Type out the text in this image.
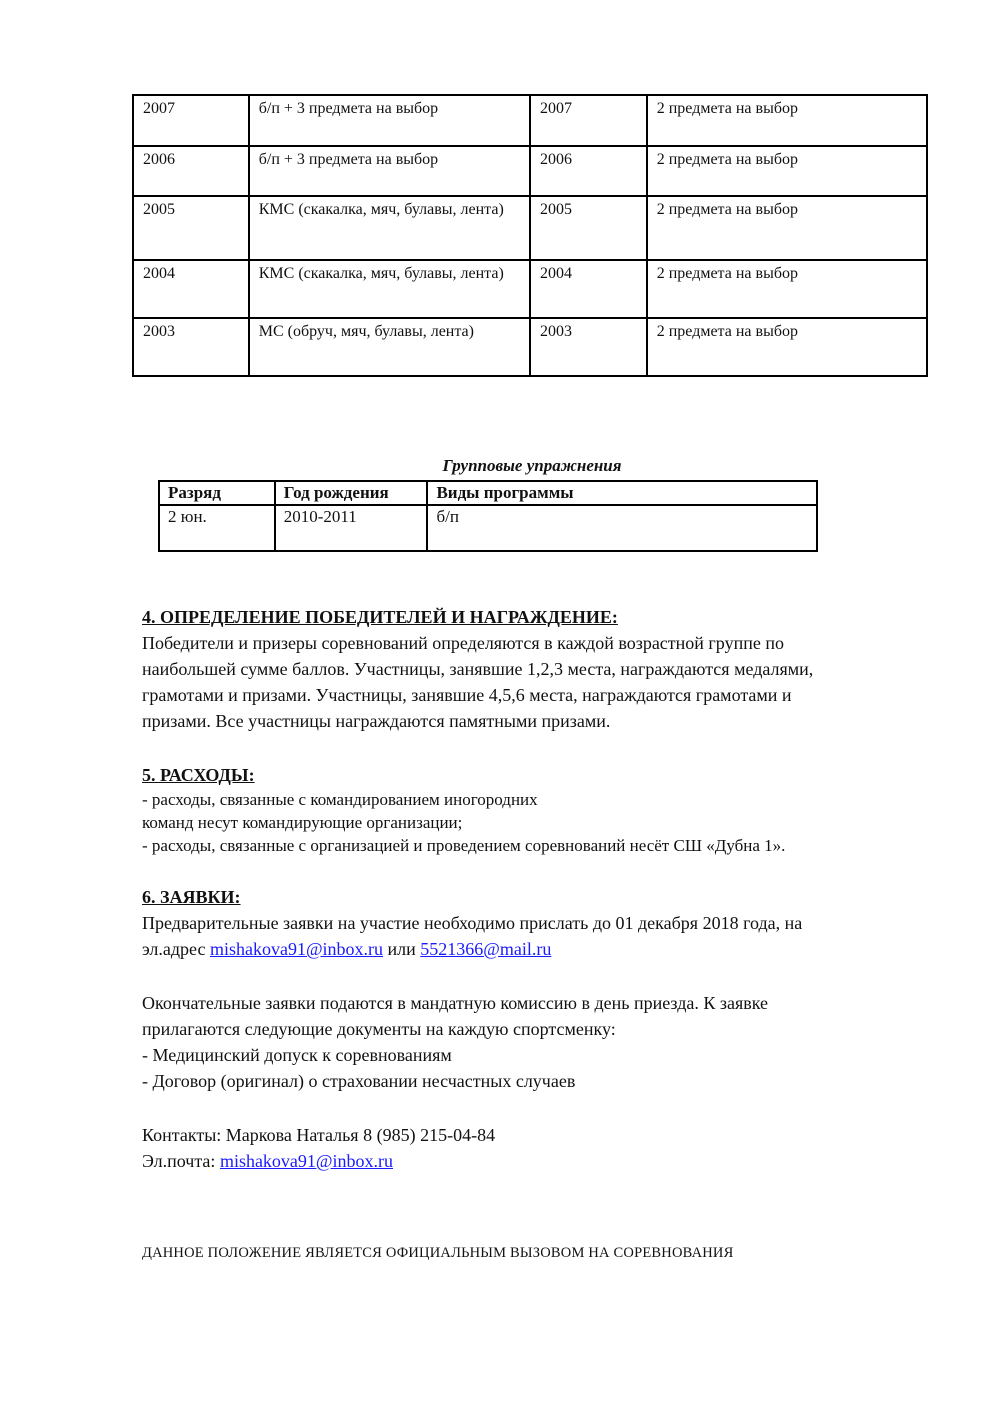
2007	б/п + 3 предмета на выбор	2007	2 предмета на выбор
2006	б/п + 3 предмета на выбор	2006	2 предмета на выбор
2005	КМС (скакалка, мяч, булавы, лента)	2005	2 предмета на выбор
2004	КМС (скакалка, мяч, булавы, лента)	2004	2 предмета на выбор
2003	МС (обруч, мяч, булавы, лента)	2003	2 предмета на выбор
Групповые упражнения
Разряд	Год рождения	Виды программы
2 юн.	2010-2011	б/п
4. ОПРЕДЕЛЕНИЕ ПОБЕДИТЕЛЕЙ И НАГРАЖДЕНИЕ:
Победители и призеры соревнований определяются в каждой возрастной группе по
наибольшей сумме баллов. Участницы, занявшие 1,2,3 места, награждаются медалями,
грамотами и призами. Участницы, занявшие 4,5,6 места, награждаются грамотами и
призами. Все участницы награждаются памятными призами.
5. РАСХОДЫ:
- расходы, связанные с командированием иногородних
команд несут командирующие организации;
- расходы, связанные с организацией и проведением соревнований несёт СШ «Дубна 1».
6. ЗАЯВКИ:
Предварительные заявки на участие необходимо прислать до 01 декабря 2018 года, на
эл.адрес mishakova91@inbox.ru или 5521366@mail.ru
Окончательные заявки подаются в мандатную комиссию в день приезда. К заявке
прилагаются следующие документы на каждую спортсменку:
- Медицинский допуск к соревнованиям
- Договор (оригинал) о страховании несчастных случаев
Контакты: Маркова Наталья 8 (985) 215-04-84
Эл.почта: mishakova91@inbox.ru
ДАННОЕ ПОЛОЖЕНИЕ ЯВЛЯЕТСЯ ОФИЦИАЛЬНЫМ ВЫЗОВОМ НА СОРЕВНОВАНИЯ
